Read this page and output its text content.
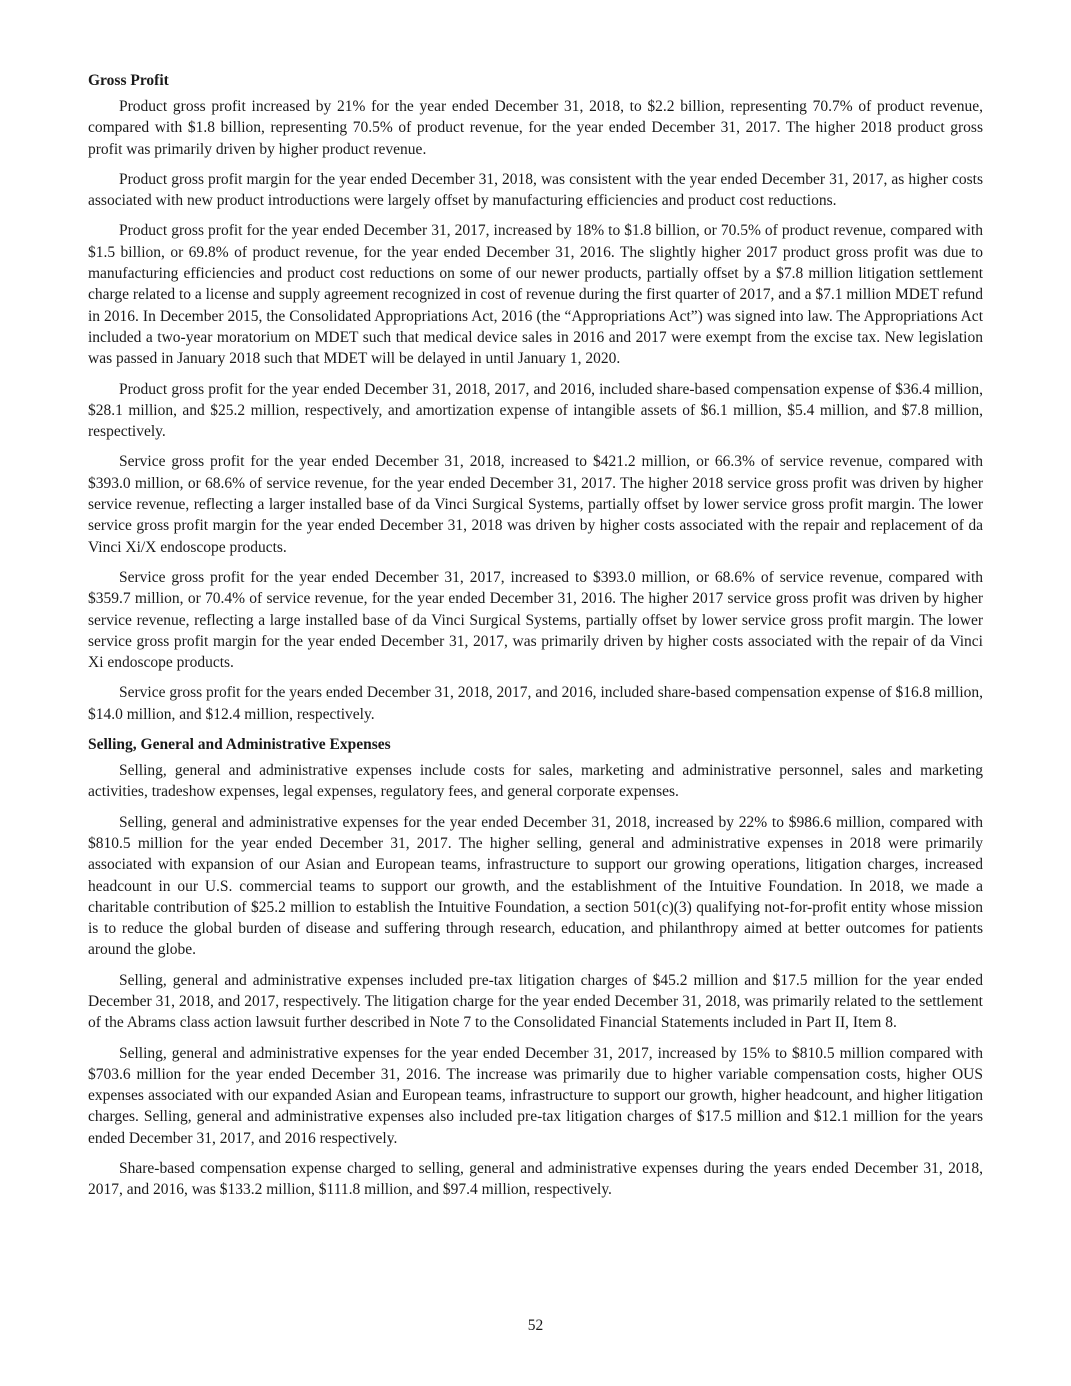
Gross Profit

Product gross profit increased by 21% for the year ended December 31, 2018, to $2.2 billion, representing 70.7% of product revenue, compared with $1.8 billion, representing 70.5% of product revenue, for the year ended December 31, 2017. The higher 2018 product gross profit was primarily driven by higher product revenue.

Product gross profit margin for the year ended December 31, 2018, was consistent with the year ended December 31, 2017, as higher costs associated with new product introductions were largely offset by manufacturing efficiencies and product cost reductions.

Product gross profit for the year ended December 31, 2017, increased by 18% to $1.8 billion, or 70.5% of product revenue, compared with $1.5 billion, or 69.8% of product revenue, for the year ended December 31, 2016. The slightly higher 2017 product gross profit was due to manufacturing efficiencies and product cost reductions on some of our newer products, partially offset by a $7.8 million litigation settlement charge related to a license and supply agreement recognized in cost of revenue during the first quarter of 2017, and a $7.1 million MDET refund in 2016. In December 2015, the Consolidated Appropriations Act, 2016 (the “Appropriations Act”) was signed into law. The Appropriations Act included a two-year moratorium on MDET such that medical device sales in 2016 and 2017 were exempt from the excise tax. New legislation was passed in January 2018 such that MDET will be delayed in until January 1, 2020.

Product gross profit for the year ended December 31, 2018, 2017, and 2016, included share-based compensation expense of $36.4 million, $28.1 million, and $25.2 million, respectively, and amortization expense of intangible assets of $6.1 million, $5.4 million, and $7.8 million, respectively.

Service gross profit for the year ended December 31, 2018, increased to $421.2 million, or 66.3% of service revenue, compared with $393.0 million, or 68.6% of service revenue, for the year ended December 31, 2017. The higher 2018 service gross profit was driven by higher service revenue, reflecting a larger installed base of da Vinci Surgical Systems, partially offset by lower service gross profit margin. The lower service gross profit margin for the year ended December 31, 2018 was driven by higher costs associated with the repair and replacement of da Vinci Xi/X endoscope products.

Service gross profit for the year ended December 31, 2017, increased to $393.0 million, or 68.6% of service revenue, compared with $359.7 million, or 70.4% of service revenue, for the year ended December 31, 2016. The higher 2017 service gross profit was driven by higher service revenue, reflecting a large installed base of da Vinci Surgical Systems, partially offset by lower service gross profit margin. The lower service gross profit margin for the year ended December 31, 2017, was primarily driven by higher costs associated with the repair of da Vinci Xi endoscope products.

Service gross profit for the years ended December 31, 2018, 2017, and 2016, included share-based compensation expense of $16.8 million, $14.0 million, and $12.4 million, respectively.

Selling, General and Administrative Expenses

Selling, general and administrative expenses include costs for sales, marketing and administrative personnel, sales and marketing activities, tradeshow expenses, legal expenses, regulatory fees, and general corporate expenses.

Selling, general and administrative expenses for the year ended December 31, 2018, increased by 22% to $986.6 million, compared with $810.5 million for the year ended December 31, 2017. The higher selling, general and administrative expenses in 2018 were primarily associated with expansion of our Asian and European teams, infrastructure to support our growing operations, litigation charges, increased headcount in our U.S. commercial teams to support our growth, and the establishment of the Intuitive Foundation. In 2018, we made a charitable contribution of $25.2 million to establish the Intuitive Foundation, a section 501(c)(3) qualifying not-for-profit entity whose mission is to reduce the global burden of disease and suffering through research, education, and philanthropy aimed at better outcomes for patients around the globe.

Selling, general and administrative expenses included pre-tax litigation charges of $45.2 million and $17.5 million for the year ended December 31, 2018, and 2017, respectively. The litigation charge for the year ended December 31, 2018, was primarily related to the settlement of the Abrams class action lawsuit further described in Note 7 to the Consolidated Financial Statements included in Part II, Item 8.

Selling, general and administrative expenses for the year ended December 31, 2017, increased by 15% to $810.5 million compared with $703.6 million for the year ended December 31, 2016. The increase was primarily due to higher variable compensation costs, higher OUS expenses associated with our expanded Asian and European teams, infrastructure to support our growth, higher headcount, and higher litigation charges. Selling, general and administrative expenses also included pre-tax litigation charges of $17.5 million and $12.1 million for the years ended December 31, 2017, and 2016 respectively.

Share-based compensation expense charged to selling, general and administrative expenses during the years ended December 31, 2018, 2017, and 2016, was $133.2 million, $111.8 million, and $97.4 million, respectively.

52
